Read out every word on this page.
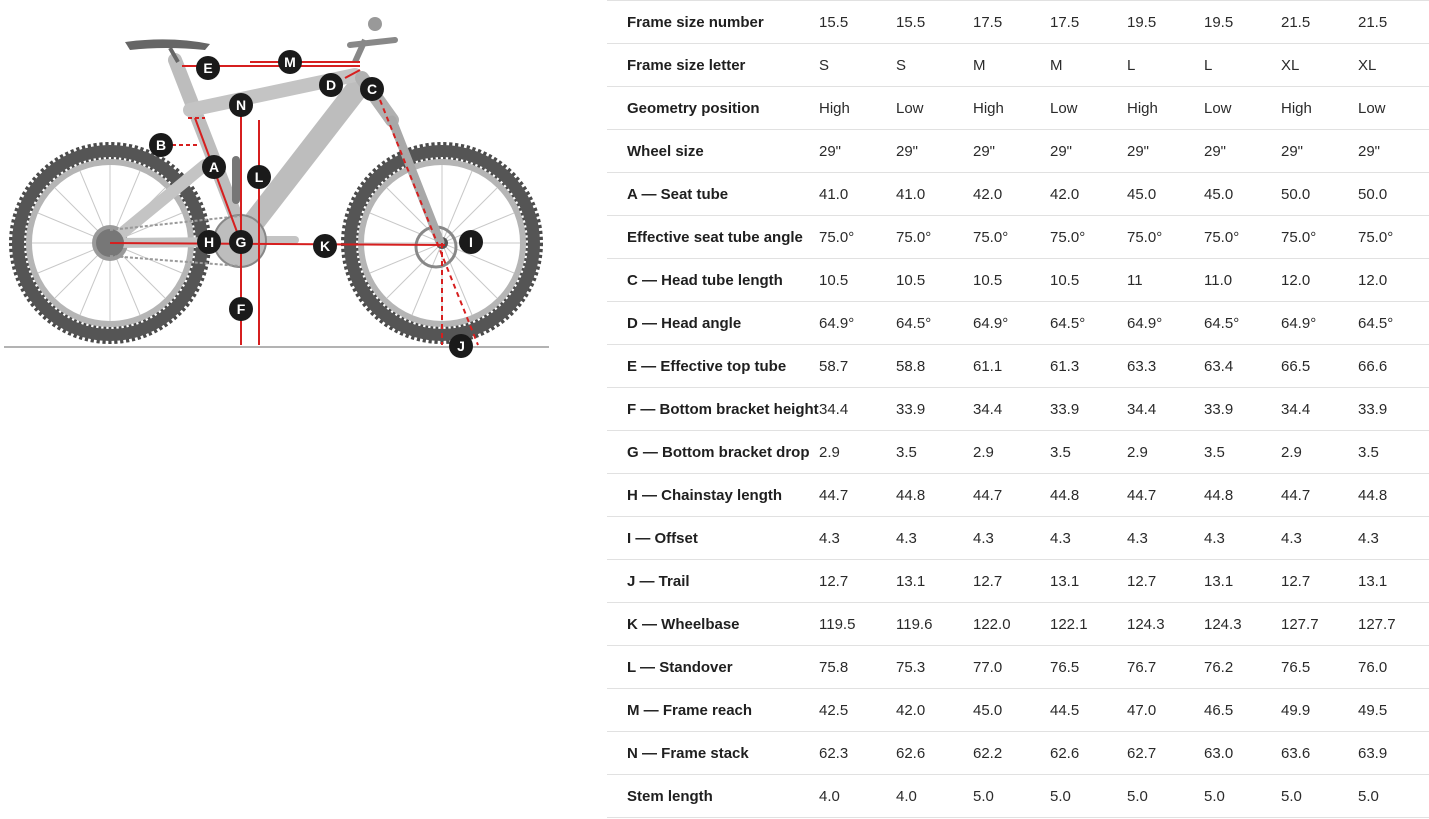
A
B
C
D
E
F
G
H	I
J
K
L
M
N
Frame size number	15.5	15.5	17.5	17.5	19.5	19.5	21.5	21.5
Frame size letter	S	S	M	M	L	L	XL	XL
Geometry position	High	Low	High	Low	High	Low	High	Low
Wheel size	29"	29"	29"	29"	29"	29"	29"	29"
A — Seat tube	41.0	41.0	42.0	42.0	45.0	45.0	50.0	50.0
Effective seat tube angle	75.0°	75.0°	75.0°	75.0°	75.0°	75.0°	75.0°	75.0°
C — Head tube length	10.5	10.5	10.5	10.5	11	11.0	12.0	12.0
D — Head angle	64.9°	64.5°	64.9°	64.5°	64.9°	64.5°	64.9°	64.5°
E — Effective top tube	58.7	58.8	61.1	61.3	63.3	63.4	66.5	66.6
F — Bottom bracket height	34.4	33.9	34.4	33.9	34.4	33.9	34.4	33.9
G — Bottom bracket drop	2.9	3.5	2.9	3.5	2.9	3.5	2.9	3.5
H — Chainstay length	44.7	44.8	44.7	44.8	44.7	44.8	44.7	44.8
I — Offset	4.3	4.3	4.3	4.3	4.3	4.3	4.3	4.3
J — Trail	12.7	13.1	12.7	13.1	12.7	13.1	12.7	13.1
K — Wheelbase	119.5	119.6	122.0	122.1	124.3	124.3	127.7	127.7
L — Standover	75.8	75.3	77.0	76.5	76.7	76.2	76.5	76.0
M — Frame reach	42.5	42.0	45.0	44.5	47.0	46.5	49.9	49.5
N — Frame stack	62.3	62.6	62.2	62.6	62.7	63.0	63.6	63.9
Stem length	4.0	4.0	5.0	5.0	5.0	5.0	5.0	5.0
